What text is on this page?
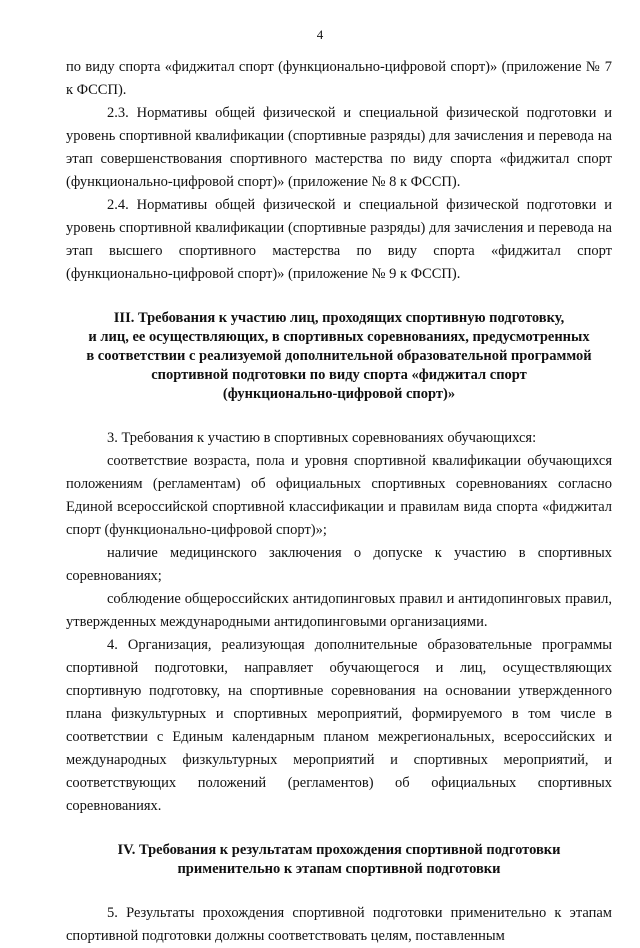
4

по виду спорта «фиджитал спорт (функционально-цифровой спорт)» (приложение № 7 к ФССП).

2.3. Нормативы общей физической и специальной физической подготовки и уровень спортивной квалификации (спортивные разряды) для зачисления и перевода на этап совершенствования спортивного мастерства по виду спорта «фиджитал спорт (функционально-цифровой спорт)» (приложение № 8 к ФССП).

2.4. Нормативы общей физической и специальной физической подготовки и уровень спортивной квалификации (спортивные разряды) для зачисления и перевода на этап высшего спортивного мастерства по виду спорта «фиджитал спорт (функционально-цифровой спорт)» (приложение № 9 к ФССП).

III. Требования к участию лиц, проходящих спортивную подготовку,

и лиц, ее осуществляющих, в спортивных соревнованиях, предусмотренных

в соответствии с реализуемой дополнительной образовательной программой

спортивной подготовки по виду спорта «фиджитал спорт

(функционально-цифровой спорт)»

3. Требования к участию в спортивных соревнованиях обучающихся:

соответствие возраста, пола и уровня спортивной квалификации обучающихся положениям (регламентам) об официальных спортивных соревнованиях согласно Единой всероссийской спортивной классификации и правилам вида спорта «фиджитал спорт (функционально-цифровой спорт)»;

наличие медицинского заключения о допуске к участию в спортивных соревнованиях;

соблюдение общероссийских антидопинговых правил и антидопинговых правил, утвержденных международными антидопинговыми организациями.

4. Организация, реализующая дополнительные образовательные программы спортивной подготовки, направляет обучающегося и лиц, осуществляющих спортивную подготовку, на спортивные соревнования на основании утвержденного плана физкультурных и спортивных мероприятий, формируемого в том числе в соответствии с Единым календарным планом межрегиональных, всероссийских и международных физкультурных мероприятий и спортивных мероприятий, и соответствующих положений (регламентов) об официальных спортивных соревнованиях.

IV. Требования к результатам прохождения спортивной подготовки

применительно к этапам спортивной подготовки

5. Результаты прохождения спортивной подготовки применительно к этапам спортивной подготовки должны соответствовать целям, поставленным
